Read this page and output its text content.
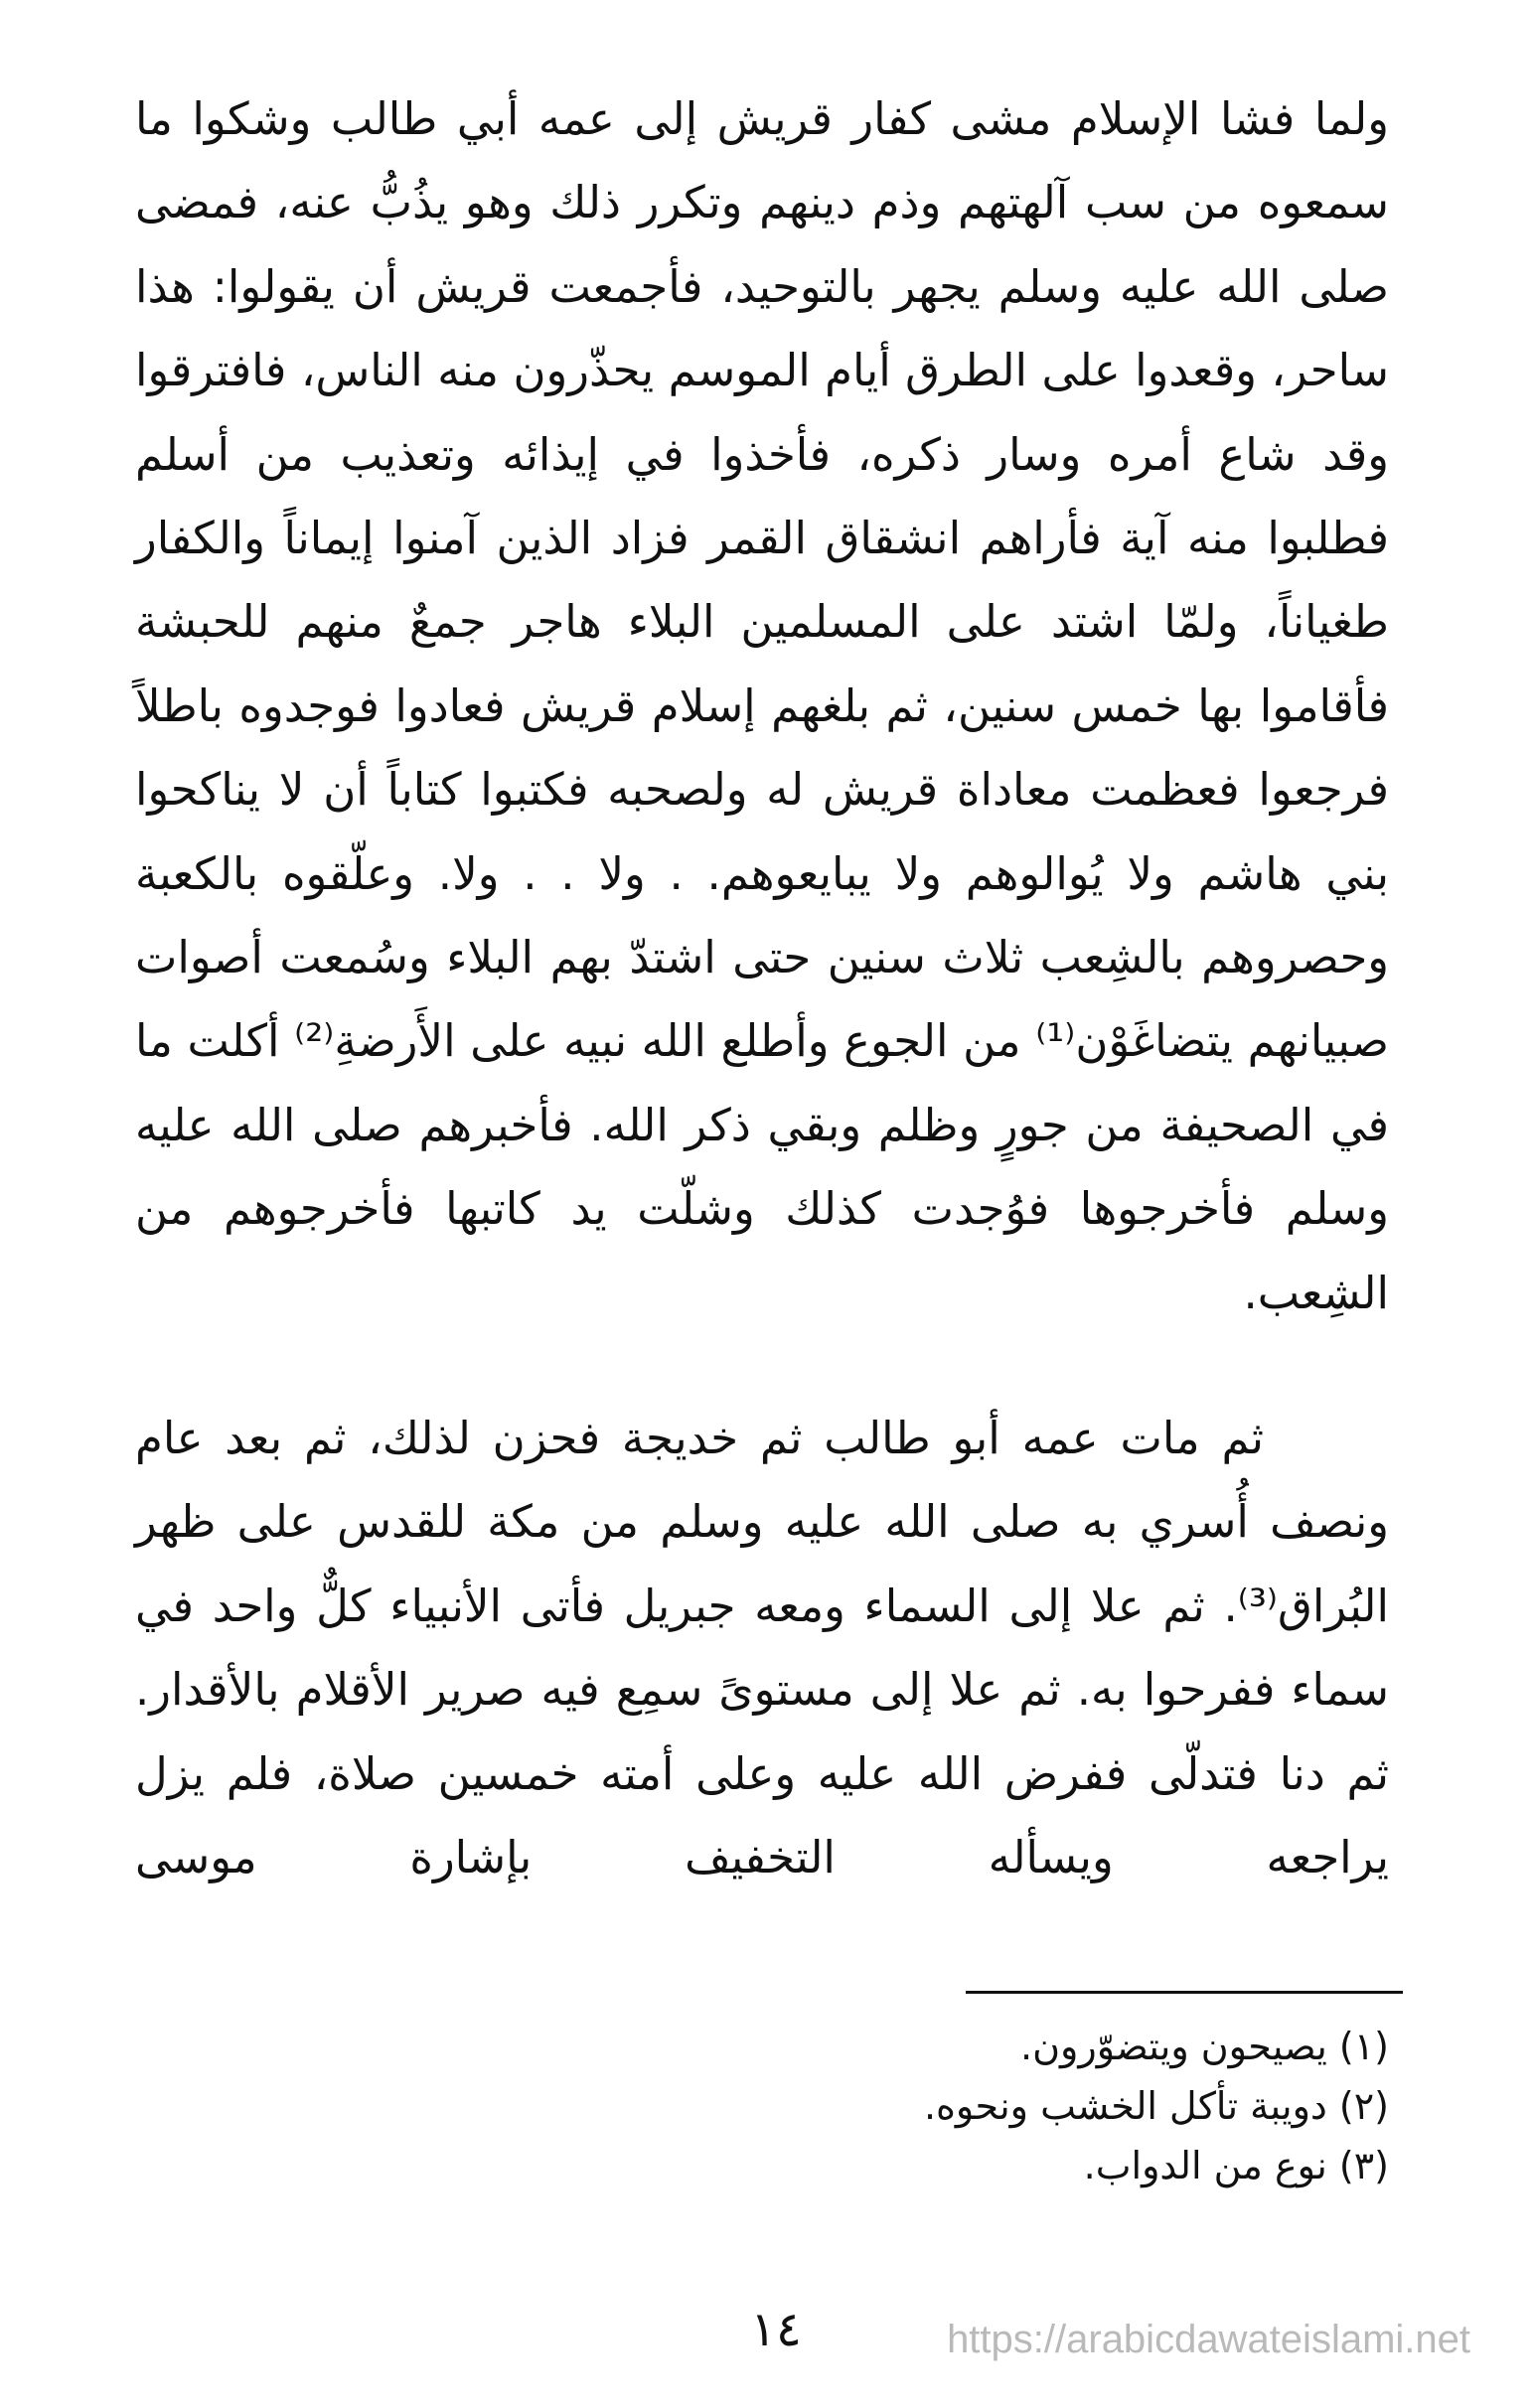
ولما فشا الإسلام مشى كفار قريش إلى عمه أبي طالب وشكوا ما سمعوه من سب آلهتهم وذم دينهم وتكرر ذلك وهو يذُبُّ عنه، فمضى صلى الله عليه وسلم يجهر بالتوحيد، فأجمعت قريش أن يقولوا: هذا ساحر، وقعدوا على الطرق أيام الموسم يحذّرون منه الناس، فافترقوا وقد شاع أمره وسار ذكره، فأخذوا في إيذائه وتعذيب من أسلم فطلبوا منه آية فأراهم انشقاق القمر فزاد الذين آمنوا إيماناً والكفار طغياناً، ولمّا اشتد على المسلمين البلاء هاجر جمعٌ منهم للحبشة فأقاموا بها خمس سنين، ثم بلغهم إسلام قريش فعادوا فوجدوه باطلاً فرجعوا فعظمت معاداة قريش له ولصحبه فكتبوا كتاباً أن لا يناكحوا بني هاشم ولا يُوالوهم ولا يبايعوهم. . ولا . . ولا. وعلّقوه بالكعبة وحصروهم بالشِعب ثلاث سنين حتى اشتدّ بهم البلاء وسُمعت أصوات صبيانهم يتضاغَوْن⁽¹⁾ من الجوع وأطلع الله نبيه على الأَرضةِ⁽²⁾ أكلت ما في الصحيفة من جورٍ وظلم وبقي ذكر الله. فأخبرهم صلى الله عليه وسلم فأخرجوها فوُجدت كذلك وشلّت يد كاتبها فأخرجوهم من الشِعب.

ثم مات عمه أبو طالب ثم خديجة فحزن لذلك، ثم بعد عام ونصف أُسري به صلى الله عليه وسلم من مكة للقدس على ظهر البُراق⁽³⁾. ثم علا إلى السماء ومعه جبريل فأتى الأنبياء كلٌّ واحد في سماء ففرحوا به. ثم علا إلى مستوىً سمِع فيه صرير الأقلام بالأقدار. ثم دنا فتدلّى ففرض الله عليه وعلى أمته خمسين صلاة، فلم يزل يراجعه ويسأله التخفيف بإشارة موسى

(١) يصيحون ويتضوّرون.
(٢) دويبة تأكل الخشب ونحوه.
(٣) نوع من الدواب.
١٤	https://arabicdawateislami.net
